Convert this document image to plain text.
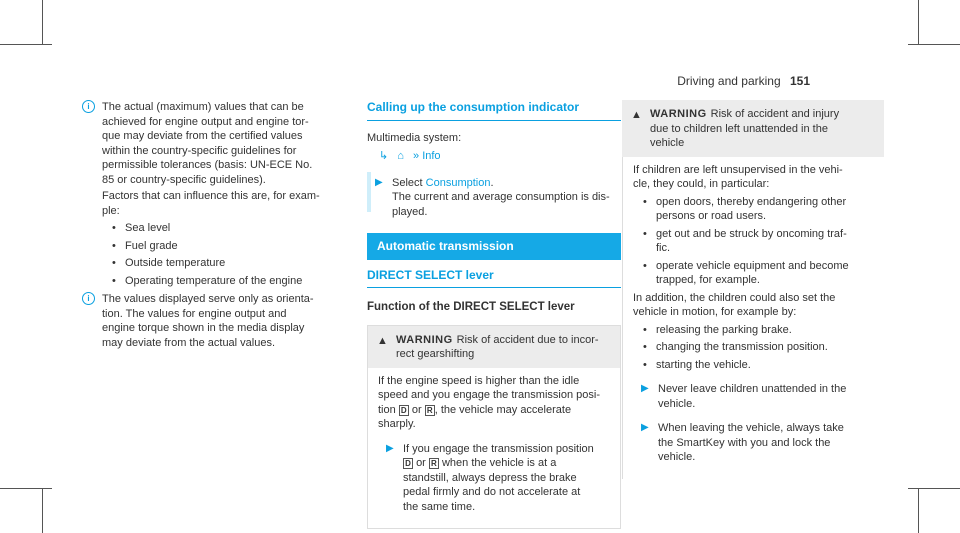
Driving and parking 151
i	The actual (maximum) values that can be
achieved for engine output and engine tor-
que may deviate from the certified values
within the country-specific guidelines for
permissible tolerances (basis: UN-ECE No.
85 or country-specific guidelines).
Factors that can influence this are, for exam-
ple:
• Sea level
• Fuel grade
• Outside temperature
• Operating temperature of the engine
i	The values displayed serve only as orienta-
tion. The values for engine output and
engine torque shown in the media display
may deviate from the actual values.
Calling up the consumption indicator
Multimedia system:
↳ ⌂ » Info
▶ Select Consumption.
The current and average consumption is dis-
played.
Automatic transmission
DIRECT SELECT lever
Function of the DIRECT SELECT lever
▲ WARNING Risk of accident due to incor-
rect gearshifting
If the engine speed is higher than the idle
speed and you engage the transmission posi-
tion D or R , the vehicle may accelerate
sharply.
▶ If you engage the transmission position
D or R when the vehicle is at a
standstill, always depress the brake
pedal firmly and do not accelerate at
the same time.
▲ WARNING Risk of accident and injury
due to children left unattended in the
vehicle
If children are left unsupervised in the vehi-
cle, they could, in particular:
• open doors, thereby endangering other
persons or road users.
• get out and be struck by oncoming traf-
fic.
• operate vehicle equipment and become
trapped, for example.
In addition, the children could also set the
vehicle in motion, for example by:
• releasing the parking brake.
• changing the transmission position.
• starting the vehicle.
▶ Never leave children unattended in the
vehicle.
▶ When leaving the vehicle, always take
the SmartKey with you and lock the
vehicle.
